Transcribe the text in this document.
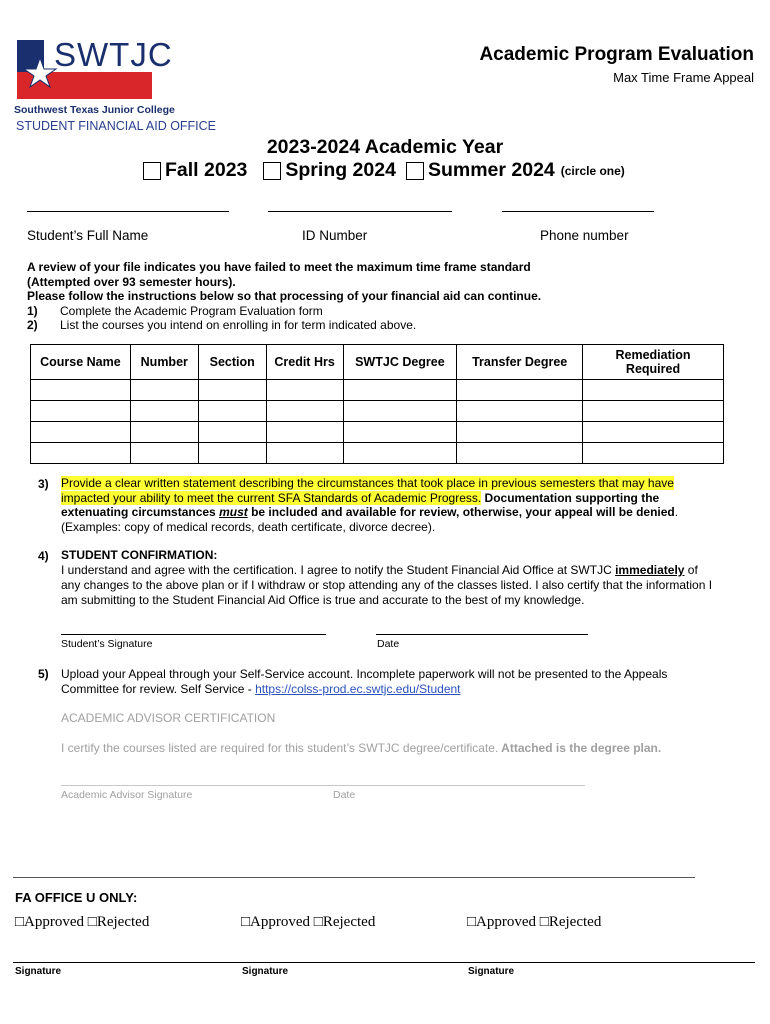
SWTJC
Southwest Texas Junior College
STUDENT FINANCIAL AID OFFICE
Academic Program Evaluation
Max Time Frame Appeal
2023-2024 Academic Year
Fall 2023 Spring 2024 Summer 2024 (circle one)
Student’s Full Name	ID Number	Phone number
A review of your file indicates you have failed to meet the maximum time frame standard
(Attempted over 93 semester hours).
Please follow the instructions below so that processing of your financial aid can continue.
1) Complete the Academic Program Evaluation form
2) List the courses you intend on enrolling in for term indicated above.
Course Name	Number	Section	Credit Hrs	SWTJC Degree	Transfer Degree	Remediation Required

3) Provide a clear written statement describing the circumstances that took place in previous semesters that may have
impacted your ability to meet the current SFA Standards of Academic Progress. Documentation supporting the
extenuating circumstances must be included and available for review, otherwise, your appeal will be denied.
(Examples: copy of medical records, death certificate, divorce decree).
4) STUDENT CONFIRMATION:
I understand and agree with the certification. I agree to notify the Student Financial Aid Office at SWTJC immediately of
any changes to the above plan or if I withdraw or stop attending any of the classes listed. I also certify that the information I
am submitting to the Student Financial Aid Office is true and accurate to the best of my knowledge.
Student’s Signature	Date
5) Upload your Appeal through your Self-Service account. Incomplete paperwork will not be presented to the Appeals
Committee for review. Self Service - https://colss-prod.ec.swtjc.edu/Student
ACADEMIC ADVISOR CERTIFICATION
I certify the courses listed are required for this student’s SWTJC degree/certificate. Attached is the degree plan.
Academic Advisor Signature	Date
FA OFFICE U ONLY:
□Approved □Rejected	□Approved □Rejected	□Approved □Rejected
Signature	Signature	Signature
